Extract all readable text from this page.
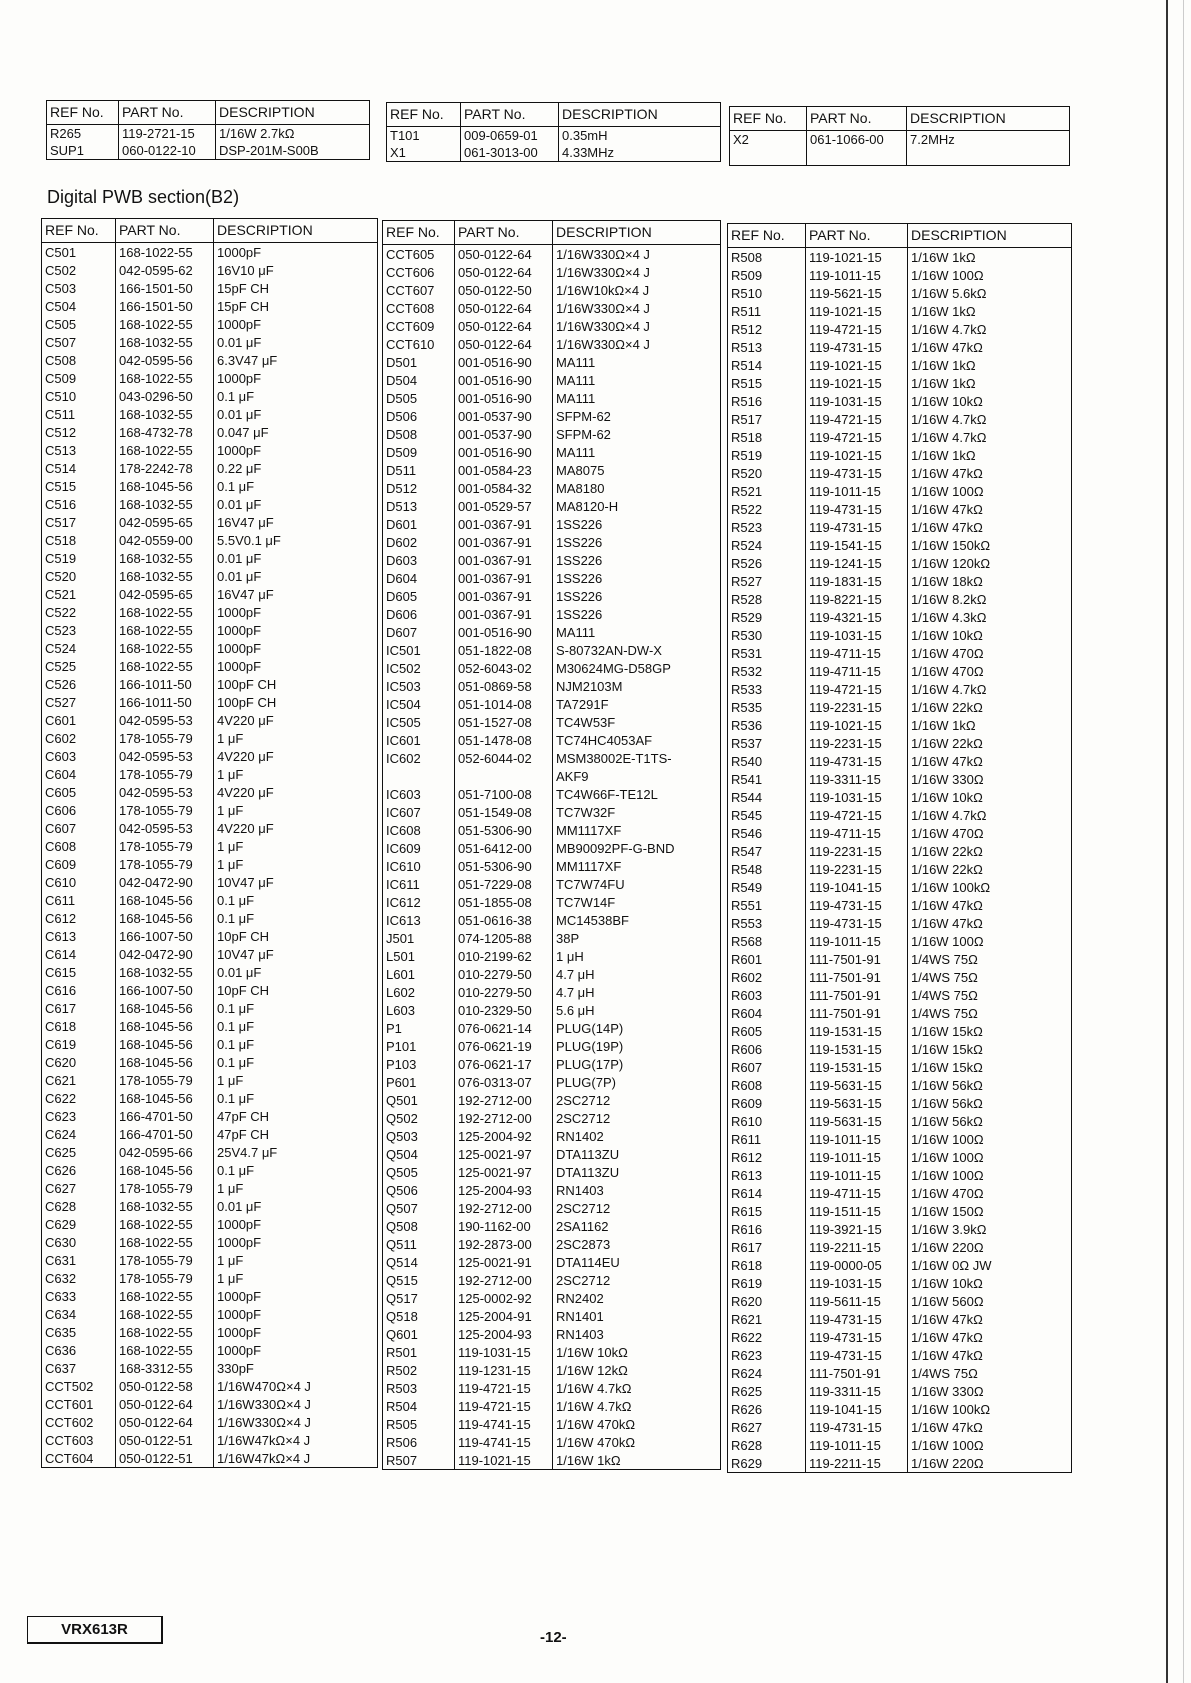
REF No.	PART No.	DESCRIPTION
R265	119-2721-15	1/16W 2.7kΩ
SUP1	060-0122-10	DSP-201M-S00B
REF No.	PART No.	DESCRIPTION
T101	009-0659-01	0.35mH
X1	061-3013-00	4.33MHz
REF No.	PART No.	DESCRIPTION
X2	061-1066-00	7.2MHz

Digital PWB section(B2)
REF No.	PART No.	DESCRIPTION
C501	168-1022-55	1000pF
C502	042-0595-62	16V10 μF
C503	166-1501-50	15pF CH
C504	166-1501-50	15pF CH
C505	168-1022-55	1000pF
C507	168-1032-55	0.01 μF
C508	042-0595-56	6.3V47 μF
C509	168-1022-55	1000pF
C510	043-0296-50	0.1 μF
C511	168-1032-55	0.01 μF
C512	168-4732-78	0.047 μF
C513	168-1022-55	1000pF
C514	178-2242-78	0.22 μF
C515	168-1045-56	0.1 μF
C516	168-1032-55	0.01 μF
C517	042-0595-65	16V47 μF
C518	042-0559-00	5.5V0.1 μF
C519	168-1032-55	0.01 μF
C520	168-1032-55	0.01 μF
C521	042-0595-65	16V47 μF
C522	168-1022-55	1000pF
C523	168-1022-55	1000pF
C524	168-1022-55	1000pF
C525	168-1022-55	1000pF
C526	166-1011-50	100pF CH
C527	166-1011-50	100pF CH
C601	042-0595-53	4V220 μF
C602	178-1055-79	1 μF
C603	042-0595-53	4V220 μF
C604	178-1055-79	1 μF
C605	042-0595-53	4V220 μF
C606	178-1055-79	1 μF
C607	042-0595-53	4V220 μF
C608	178-1055-79	1 μF
C609	178-1055-79	1 μF
C610	042-0472-90	10V47 μF
C611	168-1045-56	0.1 μF
C612	168-1045-56	0.1 μF
C613	166-1007-50	10pF CH
C614	042-0472-90	10V47 μF
C615	168-1032-55	0.01 μF
C616	166-1007-50	10pF CH
C617	168-1045-56	0.1 μF
C618	168-1045-56	0.1 μF
C619	168-1045-56	0.1 μF
C620	168-1045-56	0.1 μF
C621	178-1055-79	1 μF
C622	168-1045-56	0.1 μF
C623	166-4701-50	47pF CH
C624	166-4701-50	47pF CH
C625	042-0595-66	25V4.7 μF
C626	168-1045-56	0.1 μF
C627	178-1055-79	1 μF
C628	168-1032-55	0.01 μF
C629	168-1022-55	1000pF
C630	168-1022-55	1000pF
C631	178-1055-79	1 μF
C632	178-1055-79	1 μF
C633	168-1022-55	1000pF
C634	168-1022-55	1000pF
C635	168-1022-55	1000pF
C636	168-1022-55	1000pF
C637	168-3312-55	330pF
CCT502	050-0122-58	1/16W470Ω×4 J
CCT601	050-0122-64	1/16W330Ω×4 J
CCT602	050-0122-64	1/16W330Ω×4 J
CCT603	050-0122-51	1/16W47kΩ×4 J
CCT604	050-0122-51	1/16W47kΩ×4 J
REF No.	PART No.	DESCRIPTION
CCT605	050-0122-64	1/16W330Ω×4 J
CCT606	050-0122-64	1/16W330Ω×4 J
CCT607	050-0122-50	1/16W10kΩ×4 J
CCT608	050-0122-64	1/16W330Ω×4 J
CCT609	050-0122-64	1/16W330Ω×4 J
CCT610	050-0122-64	1/16W330Ω×4 J
D501	001-0516-90	MA111
D504	001-0516-90	MA111
D505	001-0516-90	MA111
D506	001-0537-90	SFPM-62
D508	001-0537-90	SFPM-62
D509	001-0516-90	MA111
D511	001-0584-23	MA8075
D512	001-0584-32	MA8180
D513	001-0529-57	MA8120-H
D601	001-0367-91	1SS226
D602	001-0367-91	1SS226
D603	001-0367-91	1SS226
D604	001-0367-91	1SS226
D605	001-0367-91	1SS226
D606	001-0367-91	1SS226
D607	001-0516-90	MA111
IC501	051-1822-08	S-80732AN-DW-X
IC502	052-6043-02	M30624MG-D58GP
IC503	051-0869-58	NJM2103M
IC504	051-1014-08	TA7291F
IC505	051-1527-08	TC4W53F
IC601	051-1478-08	TC74HC4053AF
IC602	052-6044-02	MSM38002E-T1TS-
		AKF9
IC603	051-7100-08	TC4W66F-TE12L
IC607	051-1549-08	TC7W32F
IC608	051-5306-90	MM1117XF
IC609	051-6412-00	MB90092PF-G-BND
IC610	051-5306-90	MM1117XF
IC611	051-7229-08	TC7W74FU
IC612	051-1855-08	TC7W14F
IC613	051-0616-38	MC14538BF
J501	074-1205-88	38P
L501	010-2199-62	1 μH
L601	010-2279-50	4.7 μH
L602	010-2279-50	4.7 μH
L603	010-2329-50	5.6 μH
P1	076-0621-14	PLUG(14P)
P101	076-0621-19	PLUG(19P)
P103	076-0621-17	PLUG(17P)
P601	076-0313-07	PLUG(7P)
Q501	192-2712-00	2SC2712
Q502	192-2712-00	2SC2712
Q503	125-2004-92	RN1402
Q504	125-0021-97	DTA113ZU
Q505	125-0021-97	DTA113ZU
Q506	125-2004-93	RN1403
Q507	192-2712-00	2SC2712
Q508	190-1162-00	2SA1162
Q511	192-2873-00	2SC2873
Q514	125-0021-91	DTA114EU
Q515	192-2712-00	2SC2712
Q517	125-0002-92	RN2402
Q518	125-2004-91	RN1401
Q601	125-2004-93	RN1403
R501	119-1031-15	1/16W 10kΩ
R502	119-1231-15	1/16W 12kΩ
R503	119-4721-15	1/16W 4.7kΩ
R504	119-4721-15	1/16W 4.7kΩ
R505	119-4741-15	1/16W 470kΩ
R506	119-4741-15	1/16W 470kΩ
R507	119-1021-15	1/16W 1kΩ
REF No.	PART No.	DESCRIPTION
R508	119-1021-15	1/16W 1kΩ
R509	119-1011-15	1/16W 100Ω
R510	119-5621-15	1/16W 5.6kΩ
R511	119-1021-15	1/16W 1kΩ
R512	119-4721-15	1/16W 4.7kΩ
R513	119-4731-15	1/16W 47kΩ
R514	119-1021-15	1/16W 1kΩ
R515	119-1021-15	1/16W 1kΩ
R516	119-1031-15	1/16W 10kΩ
R517	119-4721-15	1/16W 4.7kΩ
R518	119-4721-15	1/16W 4.7kΩ
R519	119-1021-15	1/16W 1kΩ
R520	119-4731-15	1/16W 47kΩ
R521	119-1011-15	1/16W 100Ω
R522	119-4731-15	1/16W 47kΩ
R523	119-4731-15	1/16W 47kΩ
R524	119-1541-15	1/16W 150kΩ
R526	119-1241-15	1/16W 120kΩ
R527	119-1831-15	1/16W 18kΩ
R528	119-8221-15	1/16W 8.2kΩ
R529	119-4321-15	1/16W 4.3kΩ
R530	119-1031-15	1/16W 10kΩ
R531	119-4711-15	1/16W 470Ω
R532	119-4711-15	1/16W 470Ω
R533	119-4721-15	1/16W 4.7kΩ
R535	119-2231-15	1/16W 22kΩ
R536	119-1021-15	1/16W 1kΩ
R537	119-2231-15	1/16W 22kΩ
R540	119-4731-15	1/16W 47kΩ
R541	119-3311-15	1/16W 330Ω
R544	119-1031-15	1/16W 10kΩ
R545	119-4721-15	1/16W 4.7kΩ
R546	119-4711-15	1/16W 470Ω
R547	119-2231-15	1/16W 22kΩ
R548	119-2231-15	1/16W 22kΩ
R549	119-1041-15	1/16W 100kΩ
R551	119-4731-15	1/16W 47kΩ
R553	119-4731-15	1/16W 47kΩ
R568	119-1011-15	1/16W 100Ω
R601	111-7501-91	1/4WS 75Ω
R602	111-7501-91	1/4WS 75Ω
R603	111-7501-91	1/4WS 75Ω
R604	111-7501-91	1/4WS 75Ω
R605	119-1531-15	1/16W 15kΩ
R606	119-1531-15	1/16W 15kΩ
R607	119-1531-15	1/16W 15kΩ
R608	119-5631-15	1/16W 56kΩ
R609	119-5631-15	1/16W 56kΩ
R610	119-5631-15	1/16W 56kΩ
R611	119-1011-15	1/16W 100Ω
R612	119-1011-15	1/16W 100Ω
R613	119-1011-15	1/16W 100Ω
R614	119-4711-15	1/16W 470Ω
R615	119-1511-15	1/16W 150Ω
R616	119-3921-15	1/16W 3.9kΩ
R617	119-2211-15	1/16W 220Ω
R618	119-0000-05	1/16W 0Ω JW
R619	119-1031-15	1/16W 10kΩ
R620	119-5611-15	1/16W 560Ω
R621	119-4731-15	1/16W 47kΩ
R622	119-4731-15	1/16W 47kΩ
R623	119-4731-15	1/16W 47kΩ
R624	111-7501-91	1/4WS 75Ω
R625	119-3311-15	1/16W 330Ω
R626	119-1041-15	1/16W 100kΩ
R627	119-4731-15	1/16W 47kΩ
R628	119-1011-15	1/16W 100Ω
R629	119-2211-15	1/16W 220Ω
VRX613R	-12-
